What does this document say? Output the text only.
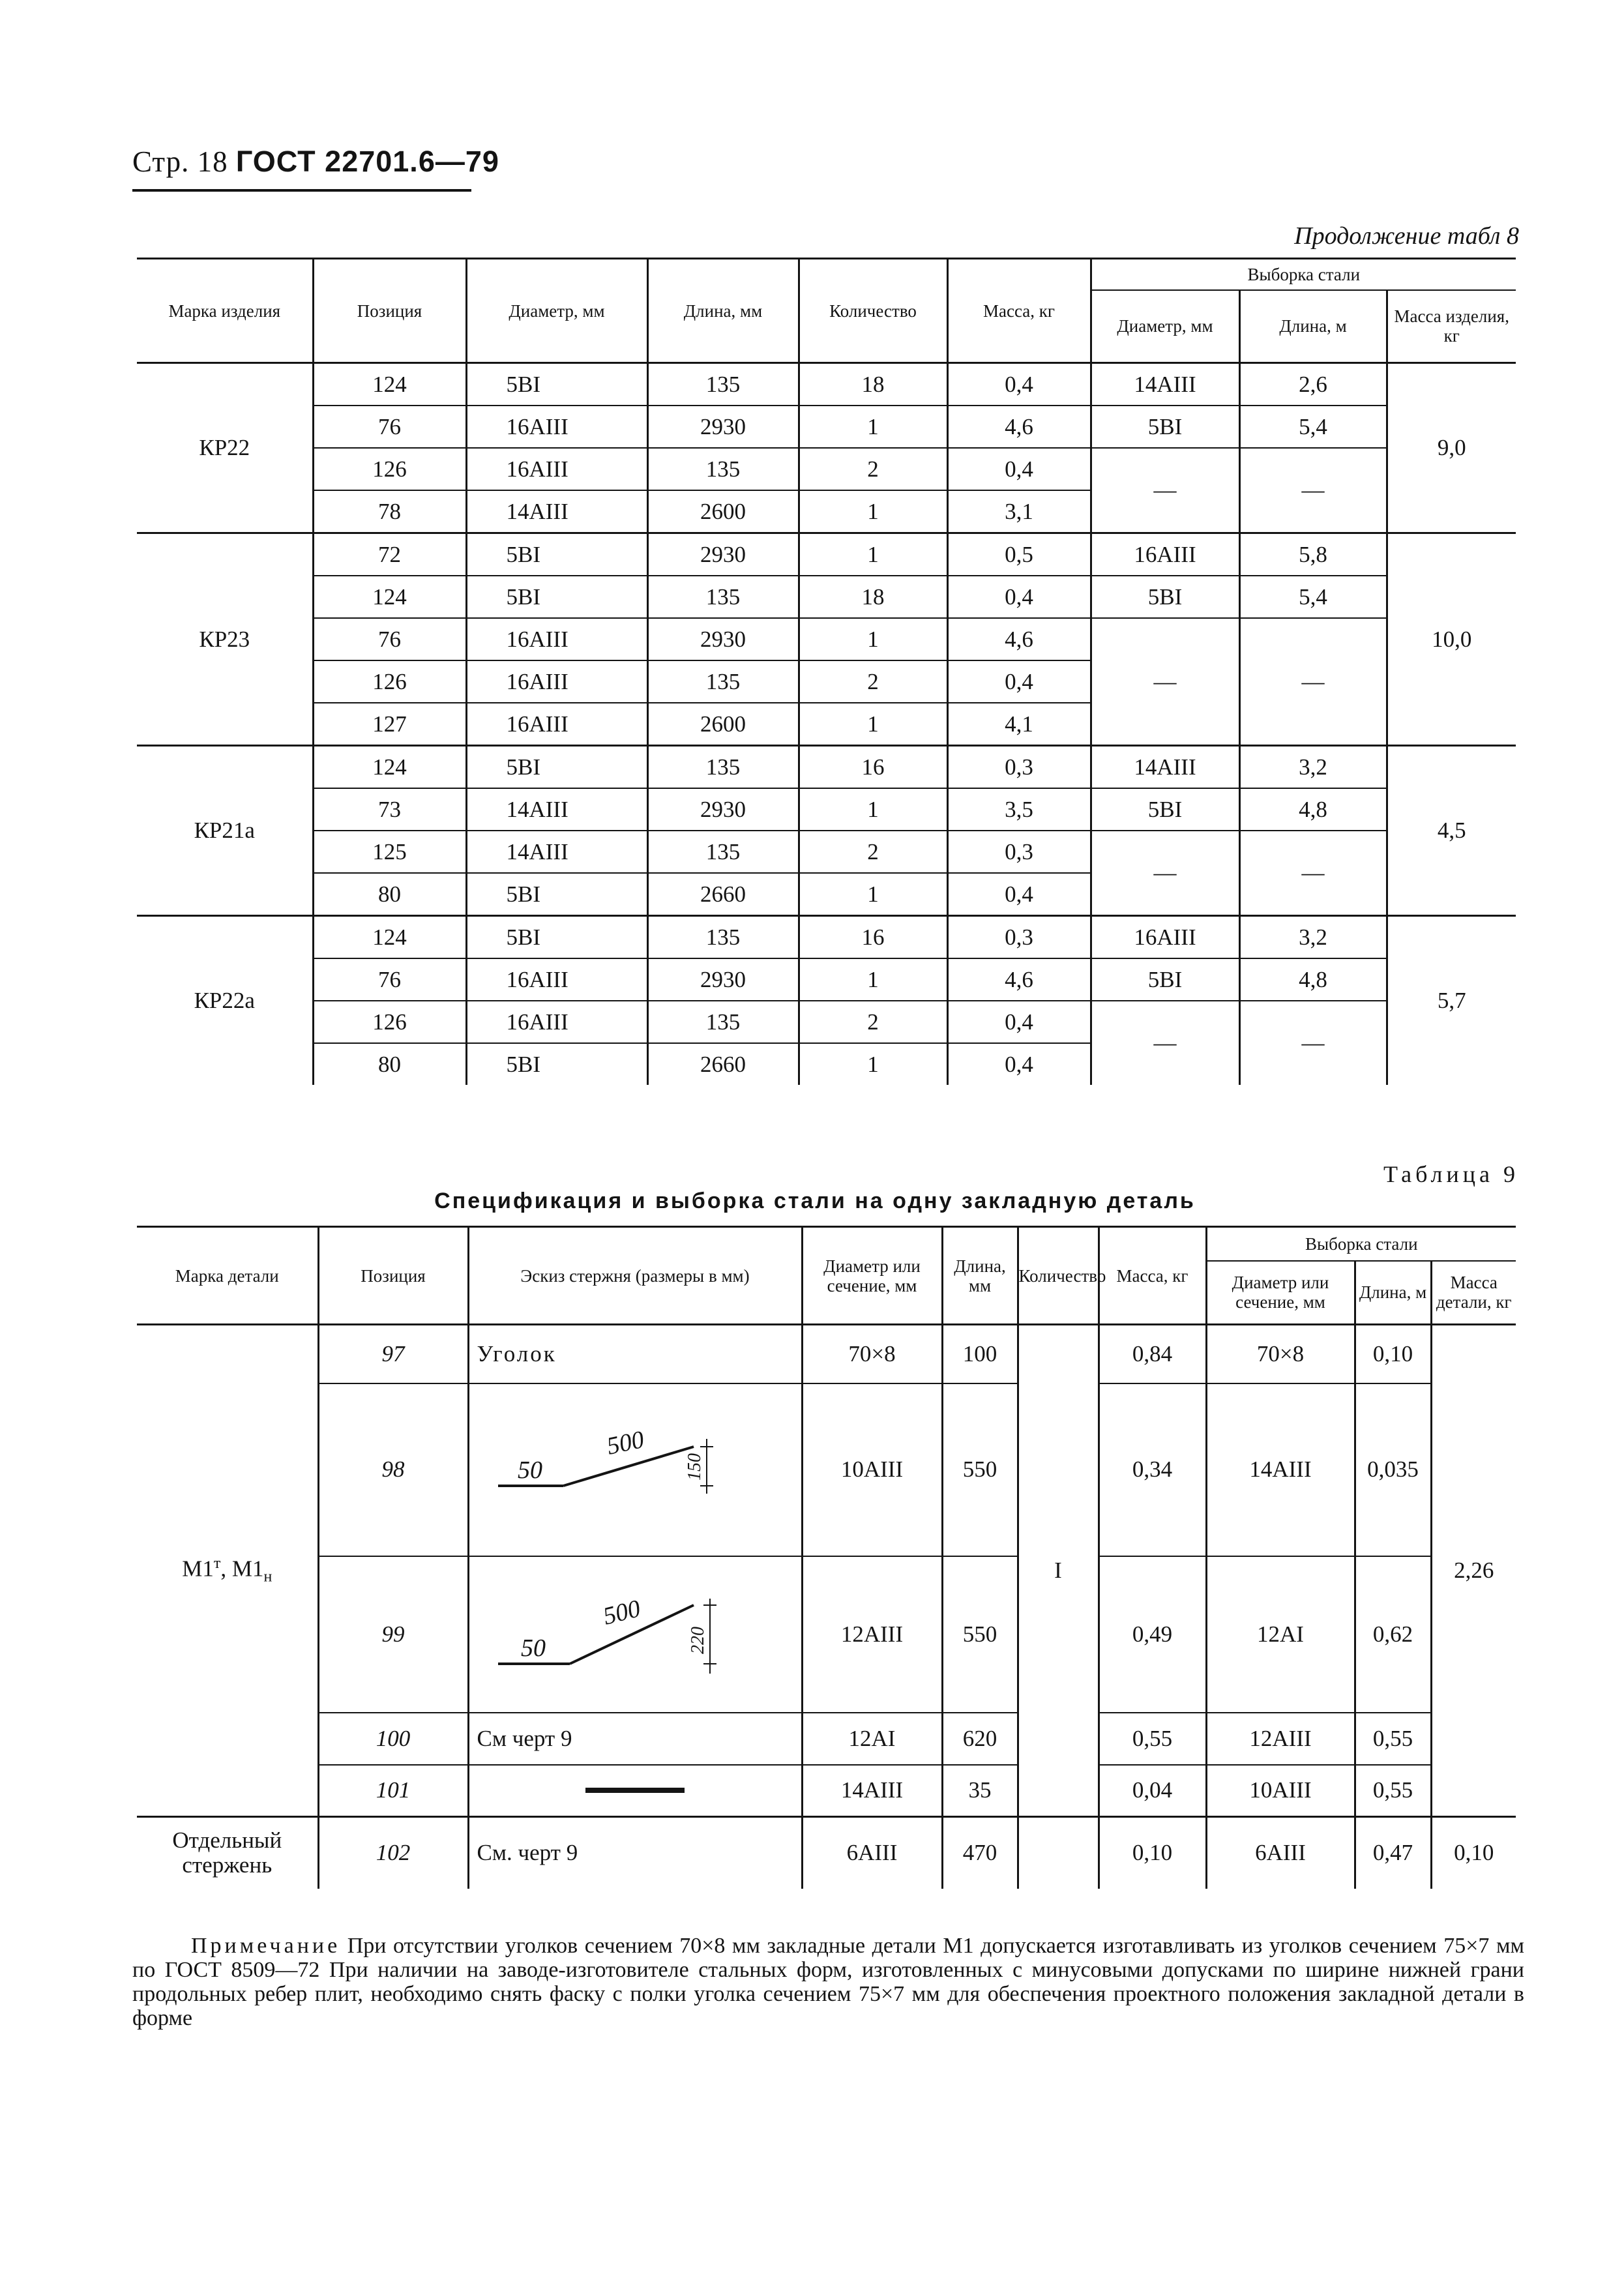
Стр. 18 ГОСТ 22701.6—79
Продолжение табл 8
Марка изделия	Позиция	Диаметр, мм	Длина, мм	Количество	Масса, кг	Выборка стали		
						Диаметр, мм	Длина, м	Масса изделия, кг
КР22	124	5BI	135	18	0,4	14AIII	2,6	9,0
	76	16AIII	2930	1	4,6	5BI	5,4	
	126	16AIII	135	2	0,4	—	—	
	78	14AIII	2600	1	3,1			
КР23	72	5BI	2930	1	0,5	16AIII	5,8	10,0
	124	5BI	135	18	0,4	5BI	5,4	
	76	16AIII	2930	1	4,6	—	—	
	126	16AIII	135	2	0,4			
	127	16AIII	2600	1	4,1			
КР21а	124	5BI	135	16	0,3	14AIII	3,2	4,5
	73	14AIII	2930	1	3,5	5BI	4,8	
	125	14AIII	135	2	0,3	—	—	
	80	5BI	2660	1	0,4			
КР22а	124	5BI	135	16	0,3	16AIII	3,2	5,7
	76	16AIII	2930	1	4,6	5BI	4,8	
	126	16AIII	135	2	0,4	—	—	
	80	5BI	2660	1	0,4			
Таблица 9
Спецификация и выборка стали на одну закладную деталь
Марка детали	Позиция	Эскиз стержня (размеры в мм)	Диаметр или сечение, мм	Длина, мм	Количество	Масса, кг	Выборка стали		
							Диаметр или сечение, мм	Длина, м	Масса детали, кг
$М1^т$, $М1_н$	97	Уголок	70×8	100	I	0,84	70×8	0,10	2,26
	98	50
500
150	10AIII	550		0,34	14AIII	0,035	
	99	50
500
220	12AIII	550		0,49	12AI	0,62	
	100	См черт 9	12AI	620		0,55	12AIII	0,55	
	101		14AIII	35		0,04	10AIII	0,55	
Отдельный стержень	102	См. черт 9	6AIII	470		0,10	6AIII	0,47	0,10
Примечание При отсутствии уголков сечением 70×8 мм закладные детали М1 допускается изготавливать из уголков сечением 75×7 мм по ГОСТ 8509—72 При наличии на заводе-изготовителе стальных форм, изготовленных с минусовыми допусками по ширине нижней грани продольных ребер плит, необходимо снять фаску с полки уголка сечением 75×7 мм для обеспечения проектного положения закладной детали в форме
